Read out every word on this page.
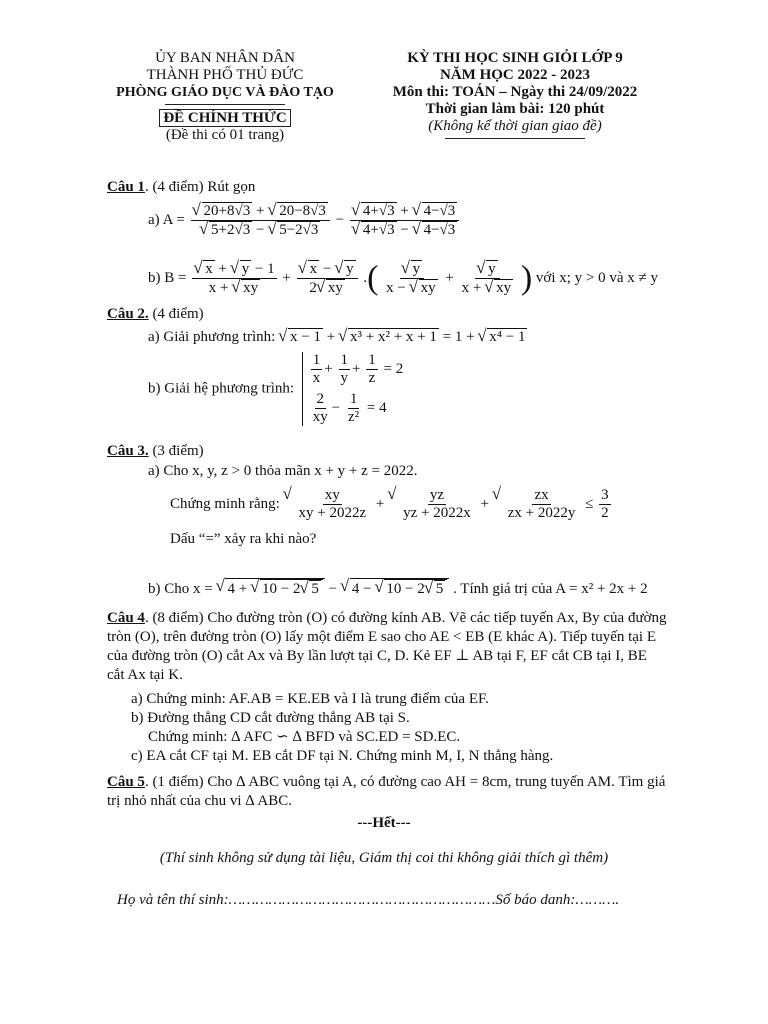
ỦY BAN NHÂN DÂN
THÀNH PHỐ THỦ ĐỨC
PHÒNG GIÁO DỤC VÀ ĐÀO TẠO
ĐỀ CHÍNH THỨC
(Đề thi có 01 trang)
KỲ THI HỌC SINH GIỎI LỚP 9
NĂM HỌC 2022 - 2023
Môn thi: TOÁN – Ngày thi 24/09/2022
Thời gian làm bài: 120 phút
(Không kể thời gian giao đề)
Câu 1. (4 điểm) Rút gọn
a) A = √ 20+8√3 + √ 20−8√3
√ 5+2√3 − √ 5−2√3 − √ 4+√3 + √ 4−√3
√ 4+√3 − √ 4−√3
b) B = √ $\frac{x + √ y - 1}{x + √ xy}$ + √ $\frac{x - √ y}{2 √ xy}$ .( √ $\frac{y}{x - √ xy}$ + √ $\frac{y}{x + √ xy}$ ) với x; y > 0 và x ≠ y
Câu 2. (4 điểm)
a) Giải phương trình: √ x − 1 + √ x³ + x² + x + 1 = 1 + √ x⁴ − 1
b) Giải hệ phương trình:
$\frac{1}{x} + \frac{1}{y} + \frac{1}{z} = 2$
$\frac{2}{xy} - \frac{1}{\text{z²}} = 4$
Câu 3. (3 điểm)
a) Cho x, y, z > 0 thỏa mãn x + y + z = 2022.
Chứng minh rằng: √ $\frac{xy}{xy + 2022z}$ + √ $\frac{yz}{yz + 2022x}$ + √ $\frac{zx}{zx + 2022y} \le \frac{3}{2}$
Dấu “=” xảy ra khi nào?
b) Cho x = √ 4 + √ 10 − 2 √ 5 − √ 4 − √ 10 − 2 √ 5 . Tính giá trị của A = x² + 2x + 2
Câu 4. (8 điểm) Cho đường tròn (O) có đường kính AB. Vẽ các tiếp tuyến Ax, By của đường tròn (O), trên đường tròn (O) lấy một điểm E sao cho AE < EB (E khác A). Tiếp tuyến tại E của đường tròn (O) cắt Ax và By lần lượt tại C, D. Kẻ EF ⊥ AB tại F, EF cắt CB tại I, BE cắt Ax tại K.
a) Chứng minh: AF.AB = KE.EB và I là trung điểm của EF.
b) Đường thẳng CD cắt đường thẳng AB tại S.
Chứng minh: ∆ AFC ∽ ∆ BFD và SC.ED = SD.EC.
c) EA cắt CF tại M. EB cắt DF tại N. Chứng minh M, I, N thẳng hàng.
Câu 5. (1 điểm) Cho ∆ ABC vuông tại A, có đường cao AH = 8cm, trung tuyến AM. Tìm giá trị nhỏ nhất của chu vi ∆ ABC.
---Hết---
(Thí sinh không sử dụng tài liệu, Giám thị coi thi không giải thích gì thêm)
Họ và tên thí sinh:……………………………………………………Số báo danh:……….
